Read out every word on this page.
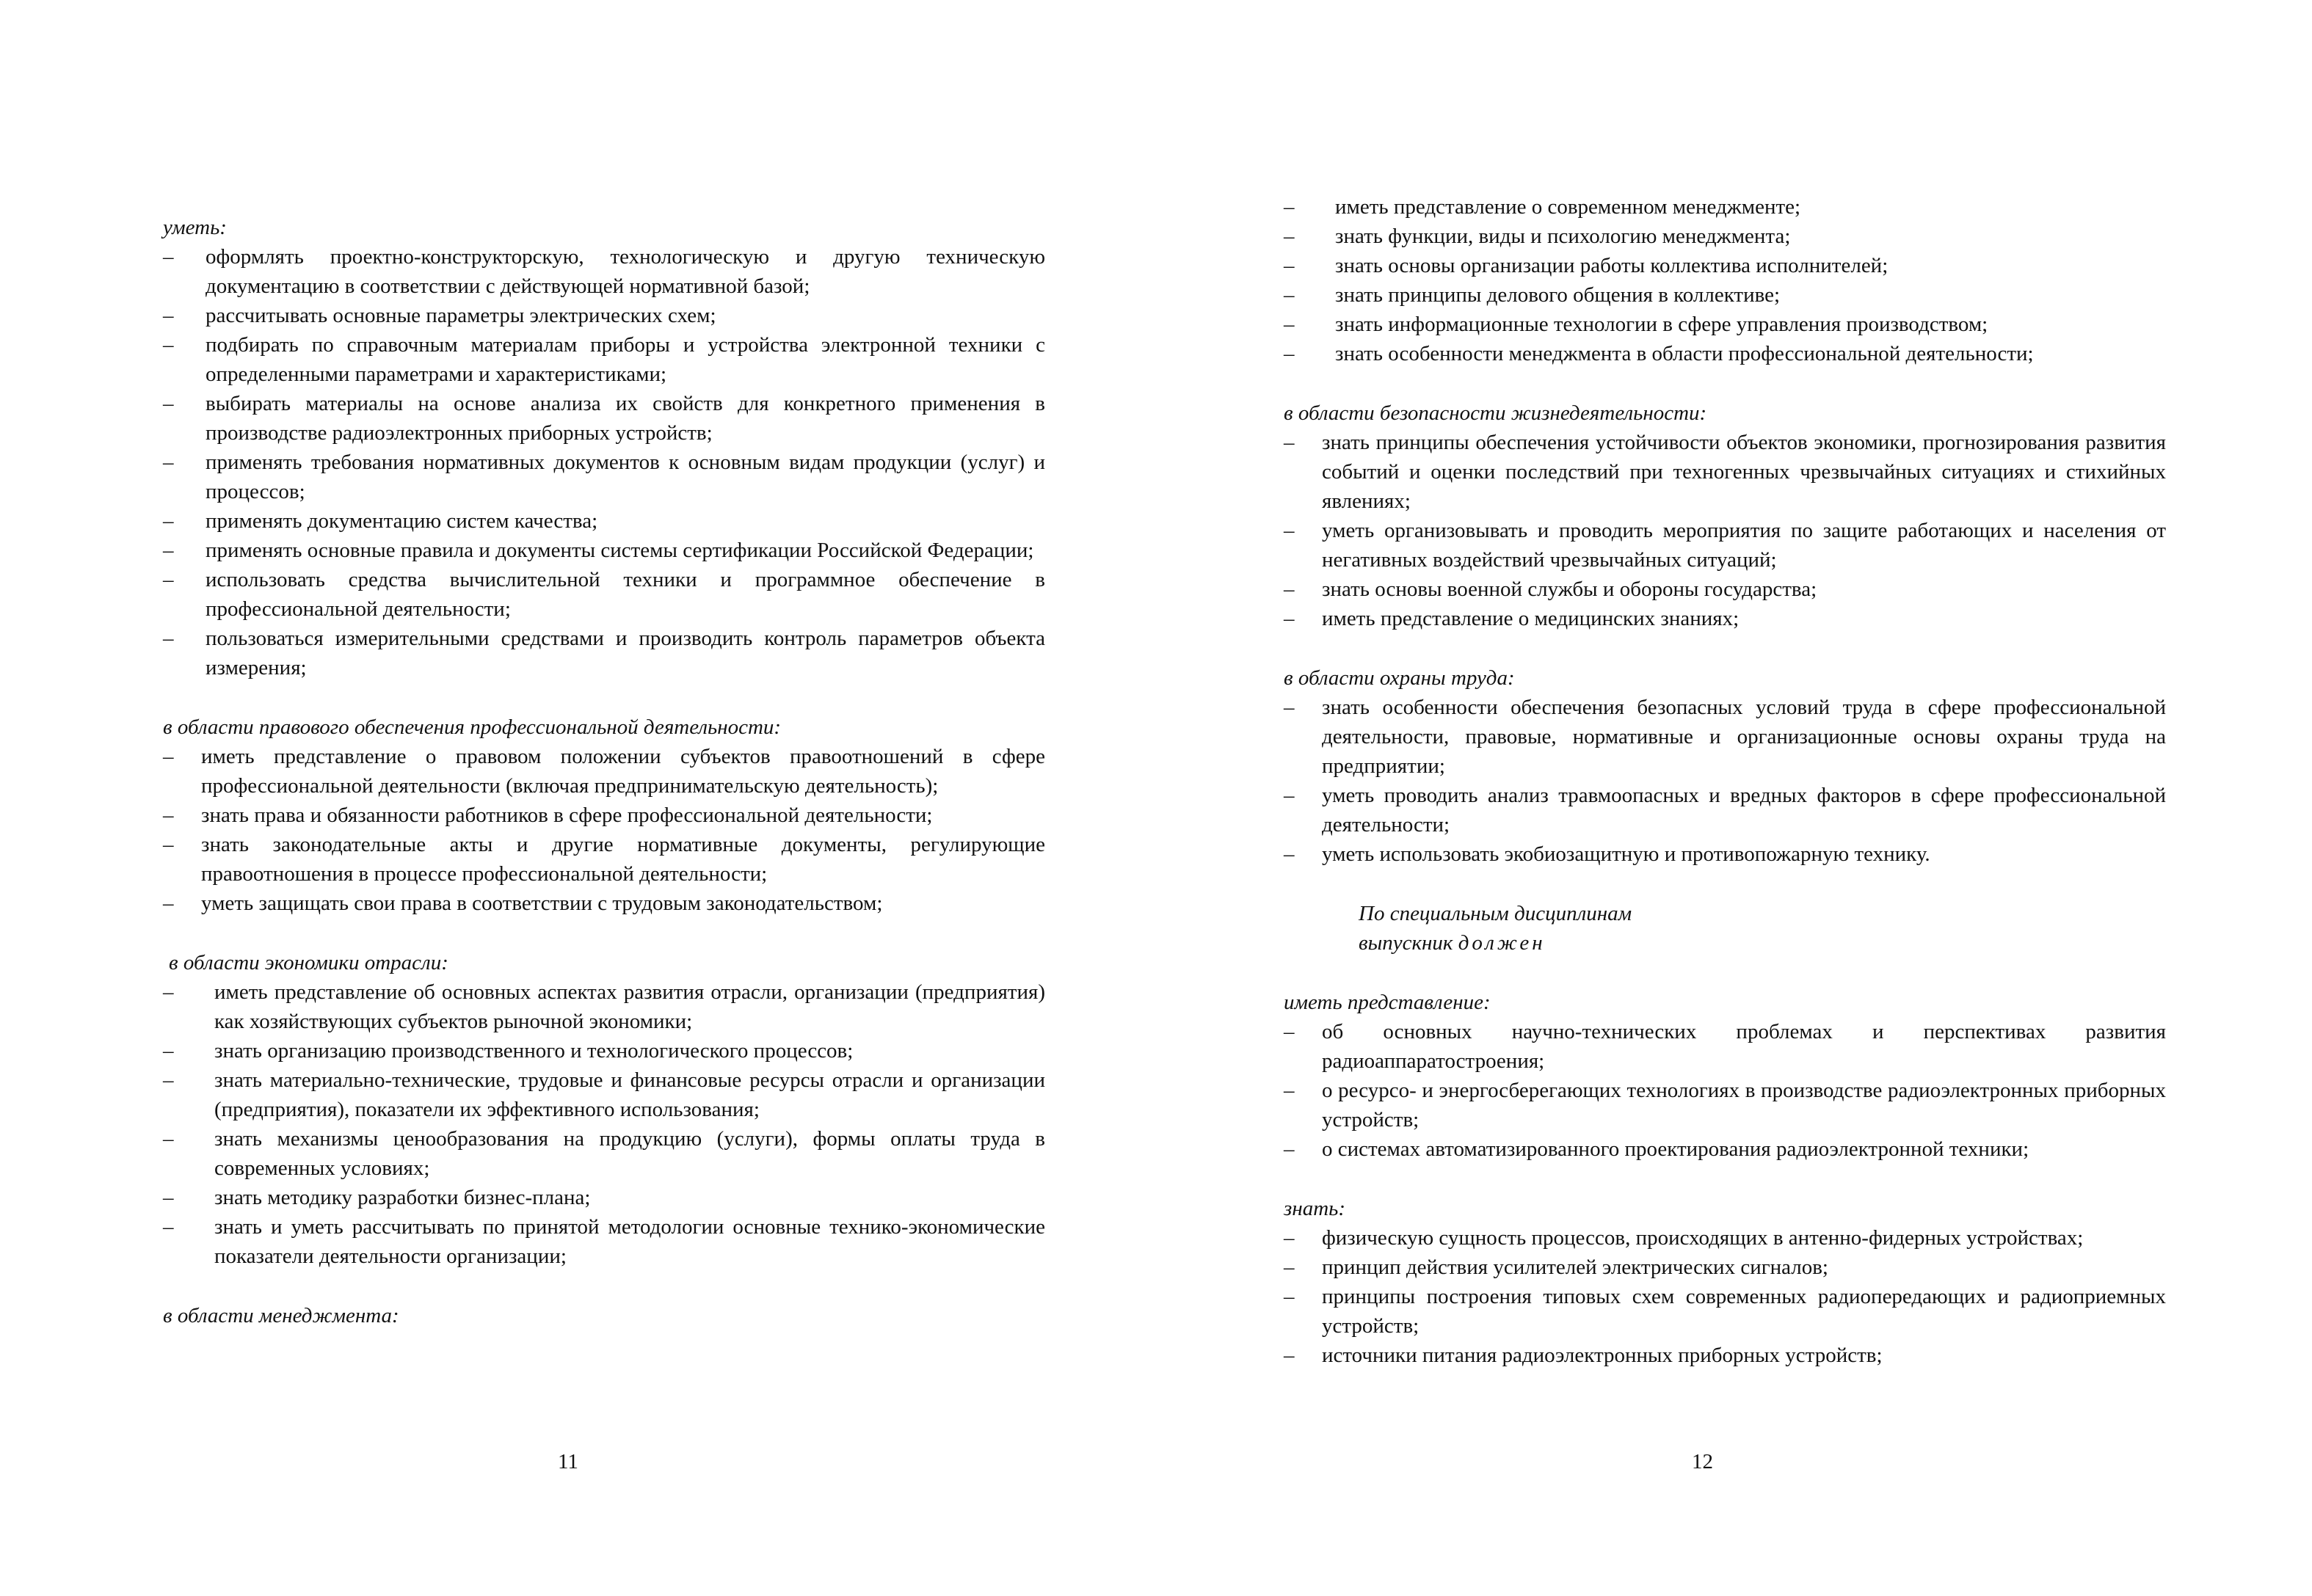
уметь:
– оформлять проектно-конструкторскую, технологическую и другую техническую документацию в соответствии с действующей нормативной базой;
– рассчитывать основные параметры электрических схем;
– подбирать по справочным материалам приборы и устройства электронной техники с определенными параметрами и характеристиками;
– выбирать материалы на основе анализа их свойств для конкретного применения в производстве радиоэлектронных приборных устройств;
– применять требования нормативных документов к основным видам продукции (услуг) и процессов;
– применять документацию систем качества;
– применять основные правила и документы системы сертификации Российской Федерации;
– использовать средства вычислительной техники и программное обеспечение в профессиональной деятельности;
– пользоваться измерительными средствами и производить контроль параметров объекта измерения;
в области правового обеспечения профессиональной деятельности:
– иметь представление о правовом положении субъектов правоотношений в сфере профессиональной деятельности (включая предпринимательскую деятельность);
– знать права и обязанности работников в сфере профессиональной деятельности;
– знать законодательные акты и другие нормативные документы, регулирующие правоотношения в процессе профессиональной деятельности;
– уметь защищать свои права в соответствии с трудовым законодательством;
в области экономики отрасли:
– иметь представление об основных аспектах развития отрасли, организации (предприятия) как хозяйствующих субъектов рыночной экономики;
– знать организацию производственного и технологического процессов;
– знать материально-технические, трудовые и финансовые ресурсы отрасли и организации (предприятия), показатели их эффективного использования;
– знать механизмы ценообразования на продукцию (услуги), формы оплаты труда в современных условиях;
– знать методику разработки бизнес-плана;
– знать и уметь рассчитывать по принятой методологии основные технико-экономические показатели деятельности организации;
в области менеджмента:
11
– иметь представление о современном менеджменте;
– знать функции, виды и психологию менеджмента;
– знать основы организации работы коллектива исполнителей;
– знать принципы делового общения в коллективе;
– знать информационные технологии в сфере управления производством;
– знать особенности менеджмента в области профессиональной деятельности;
в области безопасности жизнедеятельности:
– знать принципы обеспечения устойчивости объектов экономики, прогнозирования развития событий и оценки последствий при техногенных чрезвычайных ситуациях и стихийных явлениях;
– уметь организовывать и проводить мероприятия по защите работающих и населения от негативных воздействий чрезвычайных ситуаций;
– знать основы военной службы и обороны государства;
– иметь представление о медицинских знаниях;
в области охраны труда:
– знать особенности обеспечения безопасных условий труда в сфере профессиональной деятельности, правовые, нормативные и организационные основы охраны труда на предприятии;
– уметь проводить анализ травмоопасных и вредных факторов в сфере профессиональной деятельности;
– уметь использовать экобиозащитную и противопожарную технику.
По специальным дисциплинам
выпускник должен
иметь представление:
– об основных научно-технических проблемах и перспективах развития радиоаппаратостроения;
– о ресурсо- и энергосберегающих технологиях в производстве радиоэлектронных приборных устройств;
– о системах автоматизированного проектирования радиоэлектронной техники;
знать:
– физическую сущность процессов, происходящих в антенно-фидерных устройствах;
– принцип действия усилителей электрических сигналов;
– принципы построения типовых схем современных радиопередающих и радиоприемных устройств;
– источники питания радиоэлектронных приборных устройств;
12
